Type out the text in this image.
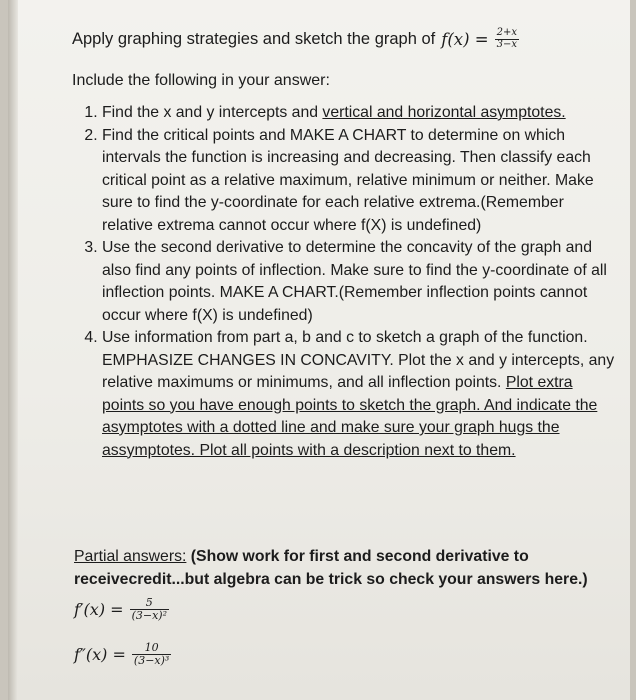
Apply graphing strategies and sketch the graph of $f(x) = \frac{2+x}{3-x}$
Include the following in your answer:
1. Find the x and y intercepts and vertical and horizontal asymptotes.
2. Find the critical points and MAKE A CHART to determine on which intervals the function is increasing and decreasing. Then classify each critical point as a relative maximum, relative minimum or neither. Make sure to find the y-coordinate for each relative extrema.(Remember relative extrema cannot occur where f(X) is undefined)
3. Use the second derivative to determine the concavity of the graph and also find any points of inflection. Make sure to find the y-coordinate of all inflection points. MAKE A CHART.(Remember inflection points cannot occur where f(X) is undefined)
4. Use information from part a, b and c to sketch a graph of the function. EMPHASIZE CHANGES IN CONCAVITY. Plot the x and y intercepts, any relative maximums or minimums, and all inflection points. Plot extra points so you have enough points to sketch the graph. And indicate the asymptotes with a dotted line and make sure your graph hugs the assymptotes. Plot all points with a description next to them.
Partial answers: (Show work for first and second derivative to receivecredit...but algebra can be trick so check your answers here.)
$f'(x) = \frac{5}{\text{(3−x)²}}$
$f''(x) = \frac{10}{\text{(3−x)³}}$
